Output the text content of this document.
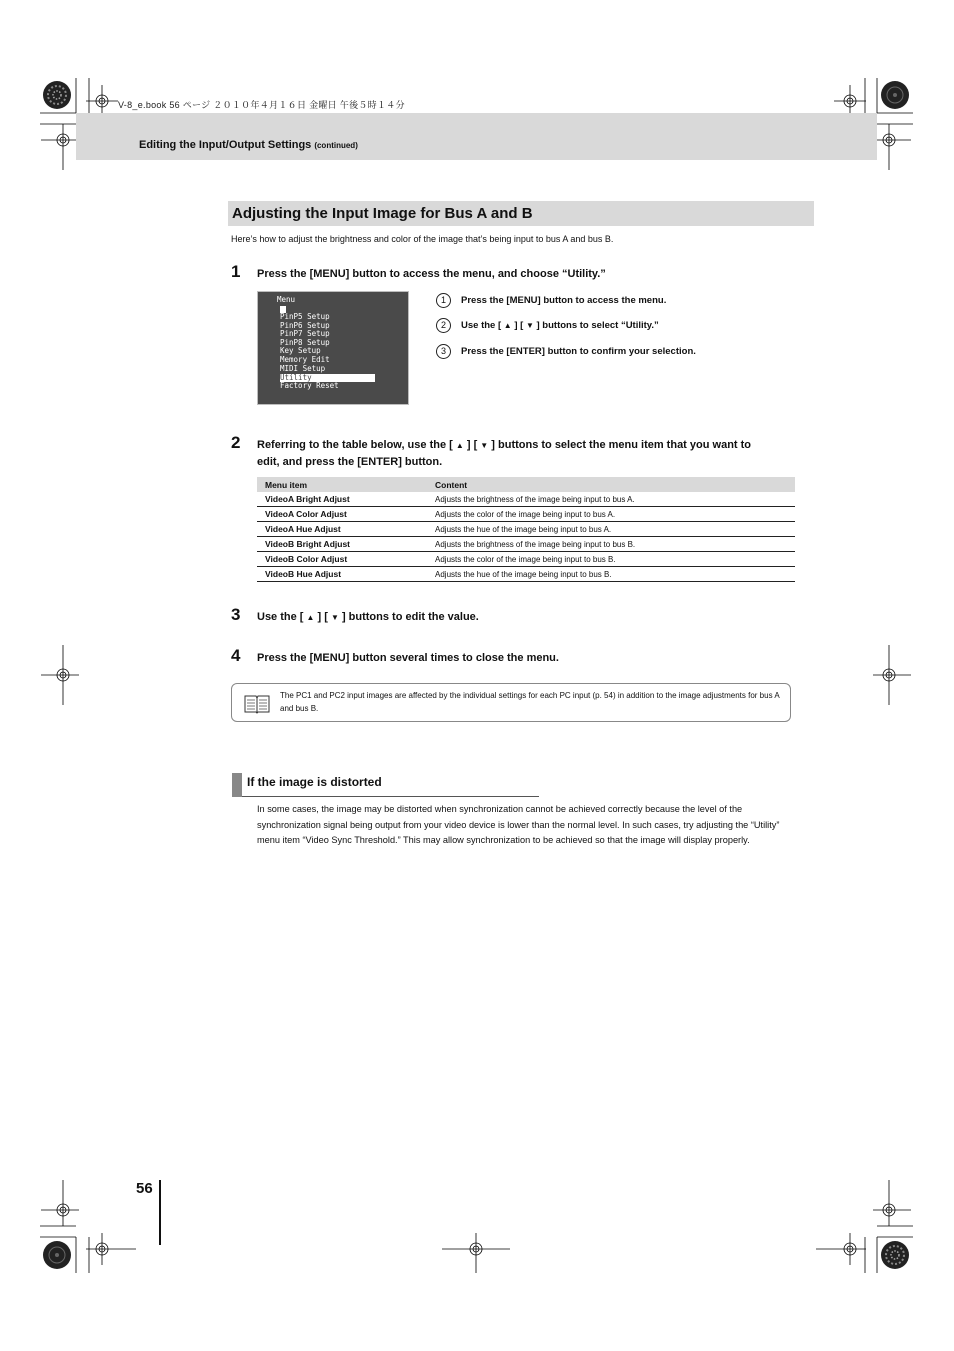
V-8_e.book 56 ページ ２０１０年４月１６日 金曜日 午後５時１４分
Editing the Input/Output Settings (continued)
Adjusting the Input Image for Bus A and B
Here’s how to adjust the brightness and color of the image that’s being input to bus A and bus B.
1 Press the [MENU] button to access the menu, and choose “Utility.”
Menu
PinP5 Setup
PinP6 Setup
PinP7 Setup
PinP8 Setup
Key Setup
Memory Edit
MIDI Setup
Utility
Factory Reset
1	Press the [MENU] button to access the menu.
2	Use the [ ▲ ] [ ▼ ] buttons to select “Utility.”
3	Press the [ENTER] button to confirm your selection.
2 Referring to the table below, use the [ ▲ ] [ ▼ ] buttons to select the menu item that you want to
edit, and press the [ENTER] button.
Menu item	Content
VideoA Bright Adjust	Adjusts the brightness of the image being input to bus A.
VideoA Color Adjust	Adjusts the color of the image being input to bus A.
VideoA Hue Adjust	Adjusts the hue of the image being input to bus A.
VideoB Bright Adjust	Adjusts the brightness of the image being input to bus B.
VideoB Color Adjust	Adjusts the color of the image being input to bus B.
VideoB Hue Adjust	Adjusts the hue of the image being input to bus B.
3 Use the [ ▲ ] [ ▼ ] buttons to edit the value.
4 Press the [MENU] button several times to close the menu.
The PC1 and PC2 input images are affected by the individual settings for each PC input (p. 54) in addition to the image adjustments for bus A and bus B.
If the image is distorted
In some cases, the image may be distorted when synchronization cannot be achieved correctly because the level of the synchronization signal being output from your video device is lower than the normal level. In such cases, try adjusting the “Utility” menu item “Video Sync Threshold.” This may allow synchronization to be achieved so that the image will display properly.
56
